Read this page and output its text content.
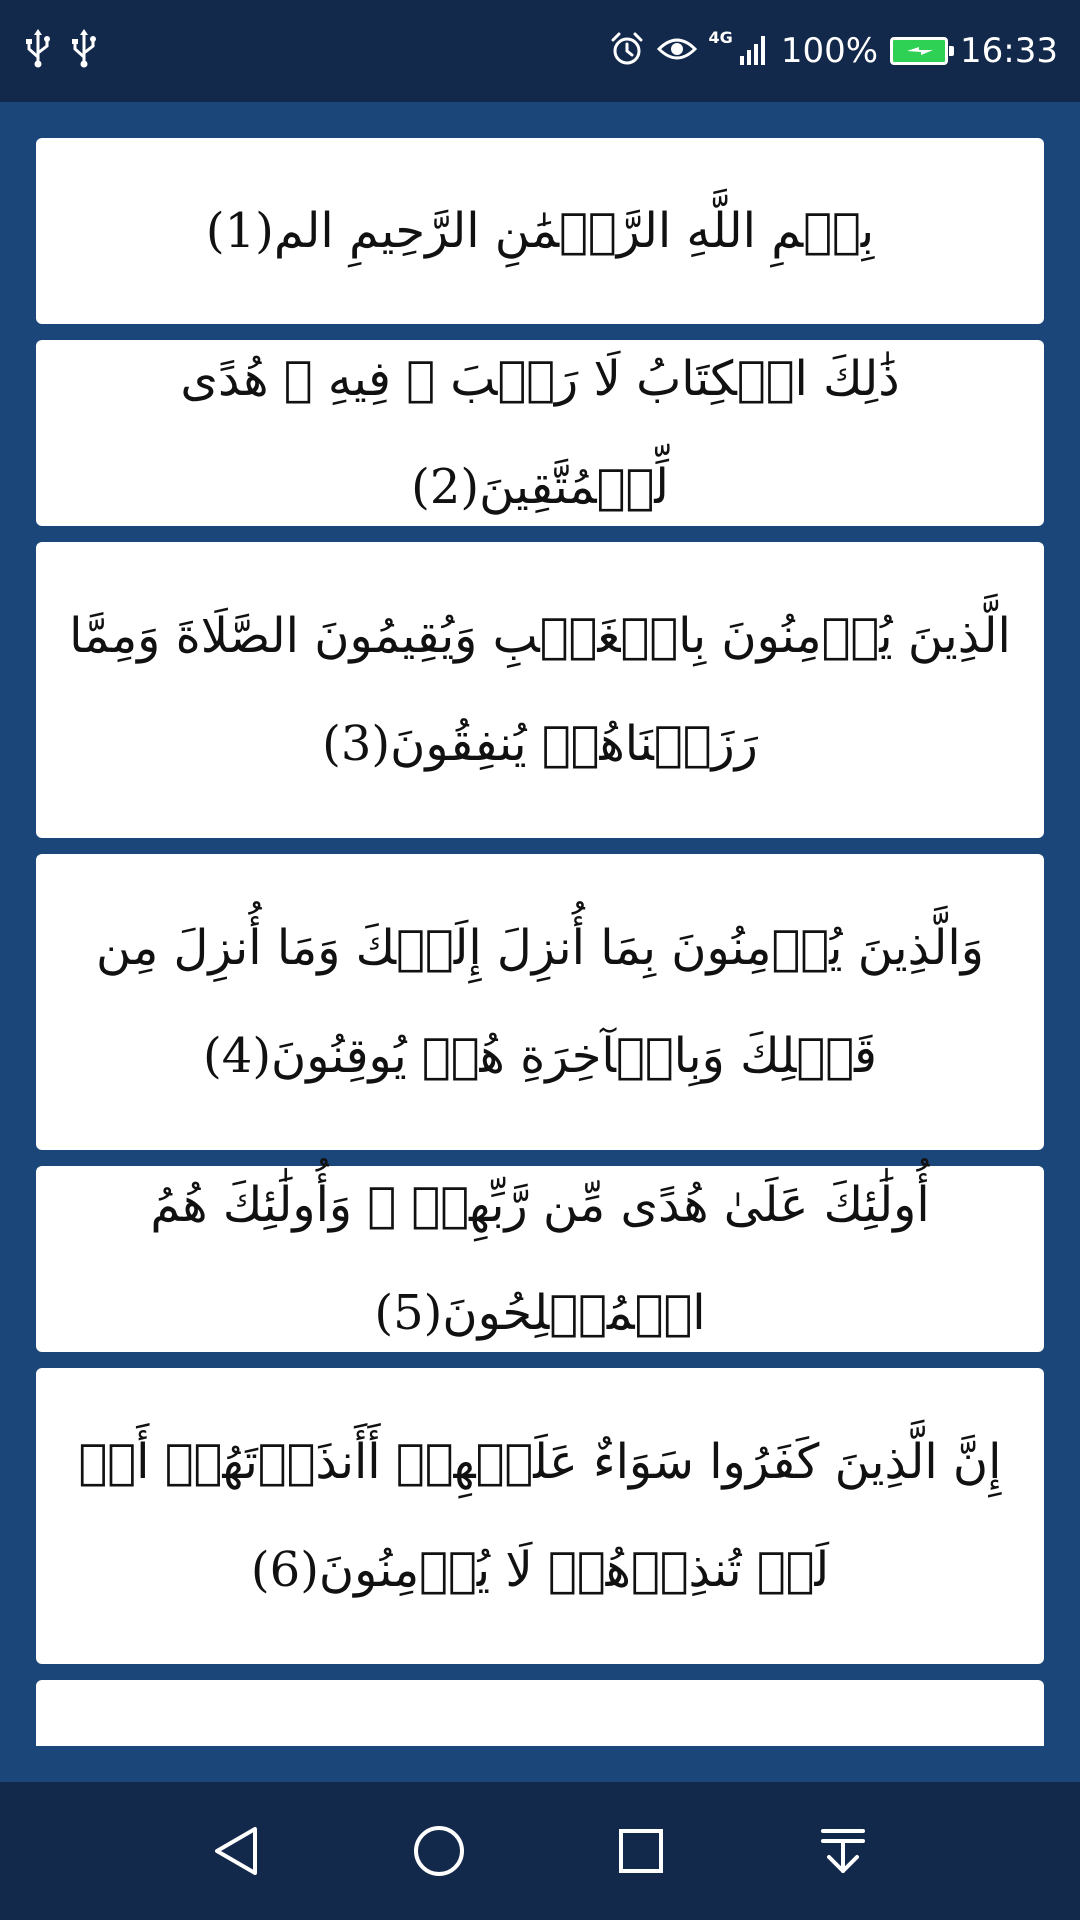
4G 100% 16:33
بِسۡمِ اللَّهِ الرَّحۡمَٰنِ الرَّحِيمِ الم(1)
ذَٰلِكَ الۡكِتَابُ لَا رَيۡبَ ۛ فِيهِ ۛ هُدًى لِّلۡمُتَّقِينَ(2)
الَّذِينَ يُؤۡمِنُونَ بِالۡغَيۡبِ وَيُقِيمُونَ الصَّلَاةَ وَمِمَّا رَزَقۡنَاهُمۡ يُنفِقُونَ(3)
وَالَّذِينَ يُؤۡمِنُونَ بِمَا أُنزِلَ إِلَيۡكَ وَمَا أُنزِلَ مِن قَبۡلِكَ وَبِالۡآخِرَةِ هُمۡ يُوقِنُونَ(4)
أُولَٰئِكَ عَلَىٰ هُدًى مِّن رَّبِّهِمۡ ۖ وَأُولَٰئِكَ هُمُ الۡمُفۡلِحُونَ(5)
إِنَّ الَّذِينَ كَفَرُوا سَوَاءٌ عَلَيۡهِمۡ أَأَنذَرۡتَهُمۡ أَمۡ لَمۡ تُنذِرۡهُمۡ لَا يُؤۡمِنُونَ(6)
